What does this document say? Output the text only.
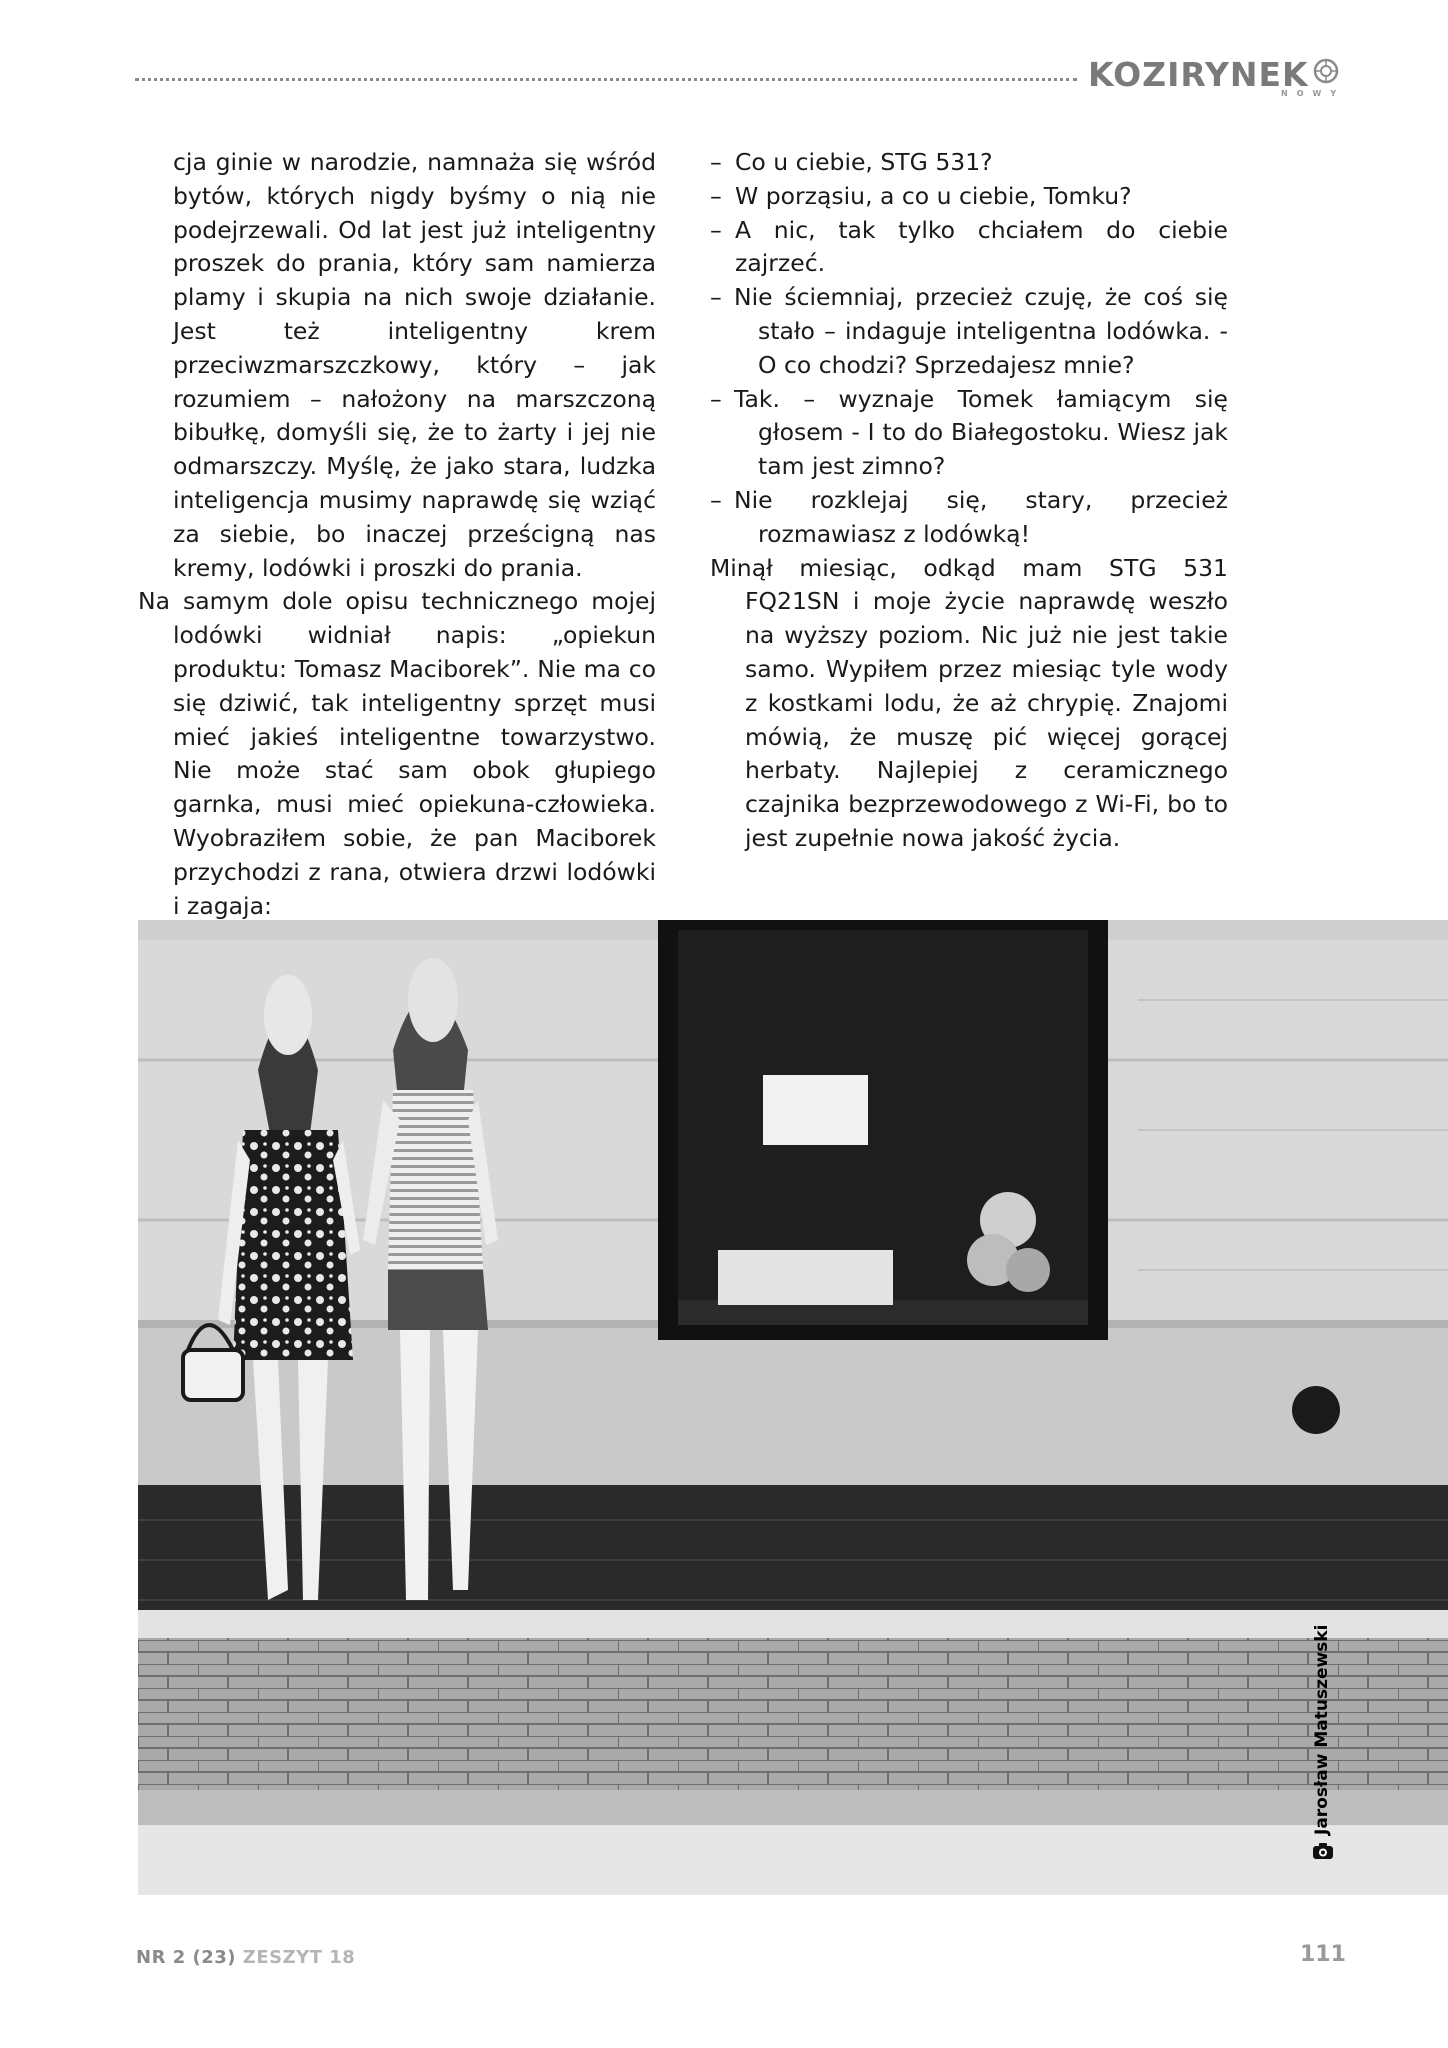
KOZIRYNEK
NOWY

cja ginie w narodzie, namnaża się wśród bytów, których nigdy byśmy o nią nie podejrzewali. Od lat jest już inteligentny proszek do prania, który sam namierza plamy i skupia na nich swoje działanie. Jest też inteligentny krem przeciwzmarszczkowy, który – jak rozumiem – nałożony na marszczoną bibułkę, domyśli się, że to żarty i jej nie odmarszczy. Myślę, że jako stara, ludzka inteligencja musimy naprawdę się wziąć za siebie, bo inaczej prześcigną nas kremy, lodówki i proszki do prania.

Na samym dole opisu technicznego mojej lodówki widniał napis: „opiekun produktu: Tomasz Maciborek”. Nie ma co się dziwić, tak inteligentny sprzęt musi mieć jakieś inteligentne towarzystwo. Nie może stać sam obok głupiego garnka, musi mieć opiekuna-człowieka. Wyobraziłem sobie, że pan Maciborek przychodzi z rana, otwiera drzwi lodówki i zagaja:

– Co u ciebie, STG 531?

– W porząsiu, a co u ciebie, Tomku?

– A nic, tak tylko chciałem do ciebie zajrzeć.

– Nie ściemniaj, przecież czuję, że coś się stało – indaguje inteligentna lodówka. - O co chodzi? Sprzedajesz mnie?

– Tak. – wyznaje Tomek łamiącym się głosem - I to do Białegostoku. Wiesz jak tam jest zimno?

– Nie rozklejaj się, stary, przecież rozmawiasz z lodówką!

Minął miesiąc, odkąd mam STG 531 FQ21SN i moje życie naprawdę weszło na wyższy poziom. Nic już nie jest takie samo. Wypiłem przez miesiąc tyle wody z kostkami lodu, że aż chrypię. Znajomi mówią, że muszę pić więcej gorącej herbaty. Najlepiej z ceramicznego czajnika bezprzewodowego z Wi-Fi, bo to jest zupełnie nowa jakość życia.

Jarosław Matuszewski
NR 2 (23) ZESZYT 18	111
